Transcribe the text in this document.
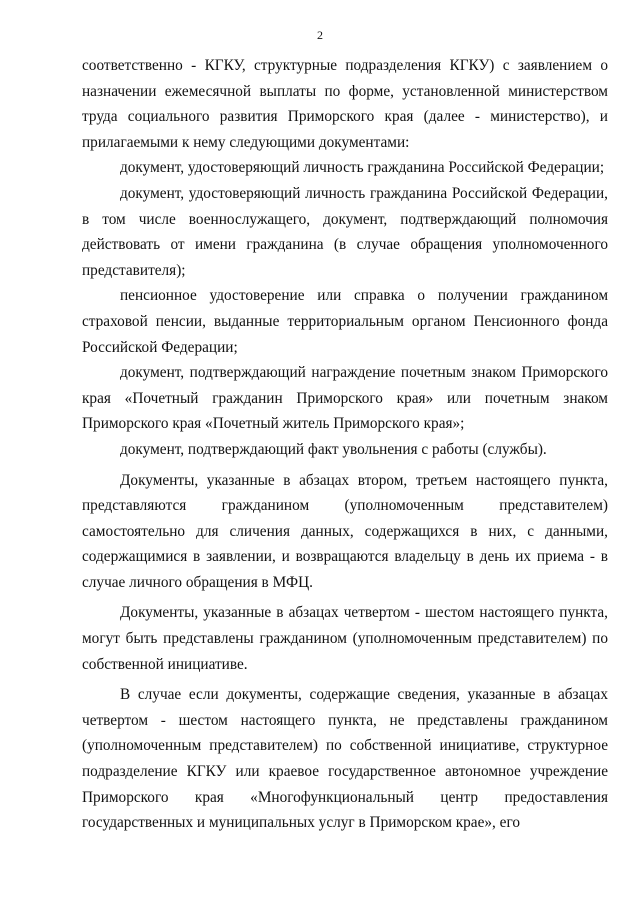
2

соответственно - КГКУ, структурные подразделения КГКУ) с заявлением о назначении ежемесячной выплаты по форме, установленной министерством труда социального развития Приморского края (далее - министерство), и прилагаемыми к нему следующими документами:

документ, удостоверяющий личность гражданина Российской Федерации;

документ, удостоверяющий личность гражданина Российской Федерации, в том числе военнослужащего, документ, подтверждающий полномочия действовать от имени гражданина (в случае обращения уполномоченного представителя);

пенсионное удостоверение или справка о получении гражданином страховой пенсии, выданные территориальным органом Пенсионного фонда Российской Федерации;

документ, подтверждающий награждение почетным знаком Приморского края «Почетный гражданин Приморского края» или почетным знаком Приморского края «Почетный житель Приморского края»;

документ, подтверждающий факт увольнения с работы (службы).

Документы, указанные в абзацах втором, третьем настоящего пункта, представляются гражданином (уполномоченным представителем) самостоятельно для сличения данных, содержащихся в них, с данными, содержащимися в заявлении, и возвращаются владельцу в день их приема - в случае личного обращения в МФЦ.

Документы, указанные в абзацах четвертом - шестом настоящего пункта, могут быть представлены гражданином (уполномоченным представителем) по собственной инициативе.

В случае если документы, содержащие сведения, указанные в абзацах четвертом - шестом настоящего пункта, не представлены гражданином (уполномоченным представителем) по собственной инициативе, структурное подразделение КГКУ или краевое государственное автономное учреждение Приморского края «Многофункциональный центр предоставления государственных и муниципальных услуг в Приморском крае», его
